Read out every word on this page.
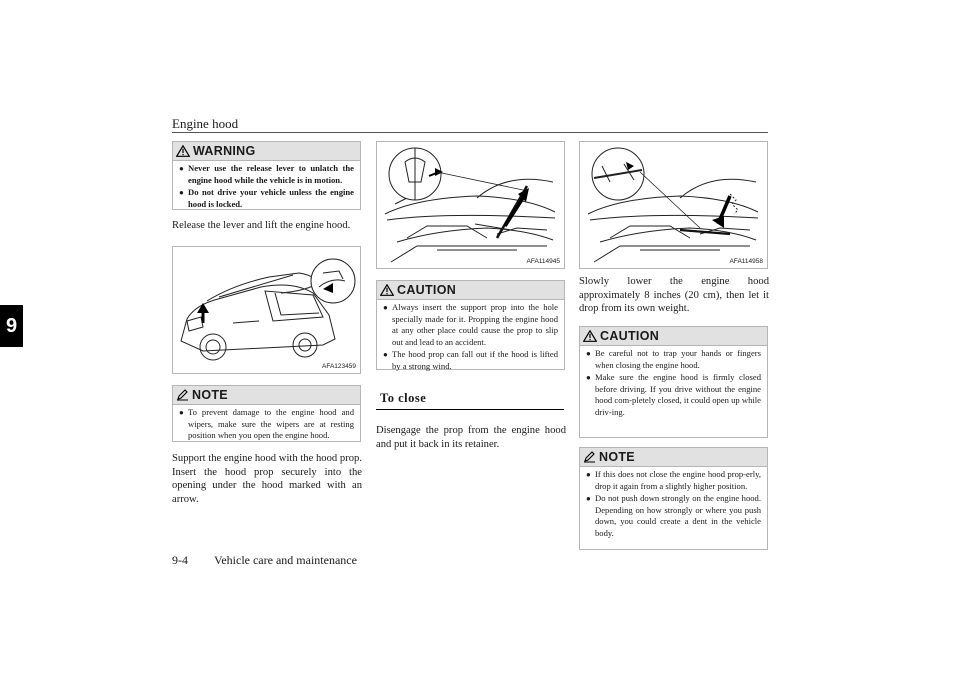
Engine hood
9
WARNING
● Never use the release lever to unlatch the engine hood while the vehicle is in motion.
● Do not drive your vehicle unless the engine hood is locked.

Release the lever and lift the engine hood.

AFA123459
NOTE
● To prevent damage to the engine hood and wipers, make sure the wipers are at resting position when you open the engine hood.

Support the engine hood with the hood prop. Insert the hood prop securely into the opening under the hood marked with an arrow.

AFA114945
CAUTION
● Always insert the support prop into the hole specially made for it. Propping the engine hood at any other place could cause the prop to slip out and lead to an accident.
● The hood prop can fall out if the hood is lifted by a strong wind.
To close

Disengage the prop from the engine hood and put it back in its retainer.

AFA114958

Slowly lower the engine hood approximately 8 inches (20 cm), then let it drop from its own weight.

CAUTION
● Be careful not to trap your hands or fingers when closing the engine hood.
● Make sure the engine hood is firmly closed before driving. If you drive without the engine hood com-pletely closed, it could open up while driv-ing.
NOTE
● If this does not close the engine hood prop-erly, drop it again from a slightly higher position.
● Do not push down strongly on the engine hood. Depending on how strongly or where you push down, you could create a dent in the vehicle body.
9-4 Vehicle care and maintenance
